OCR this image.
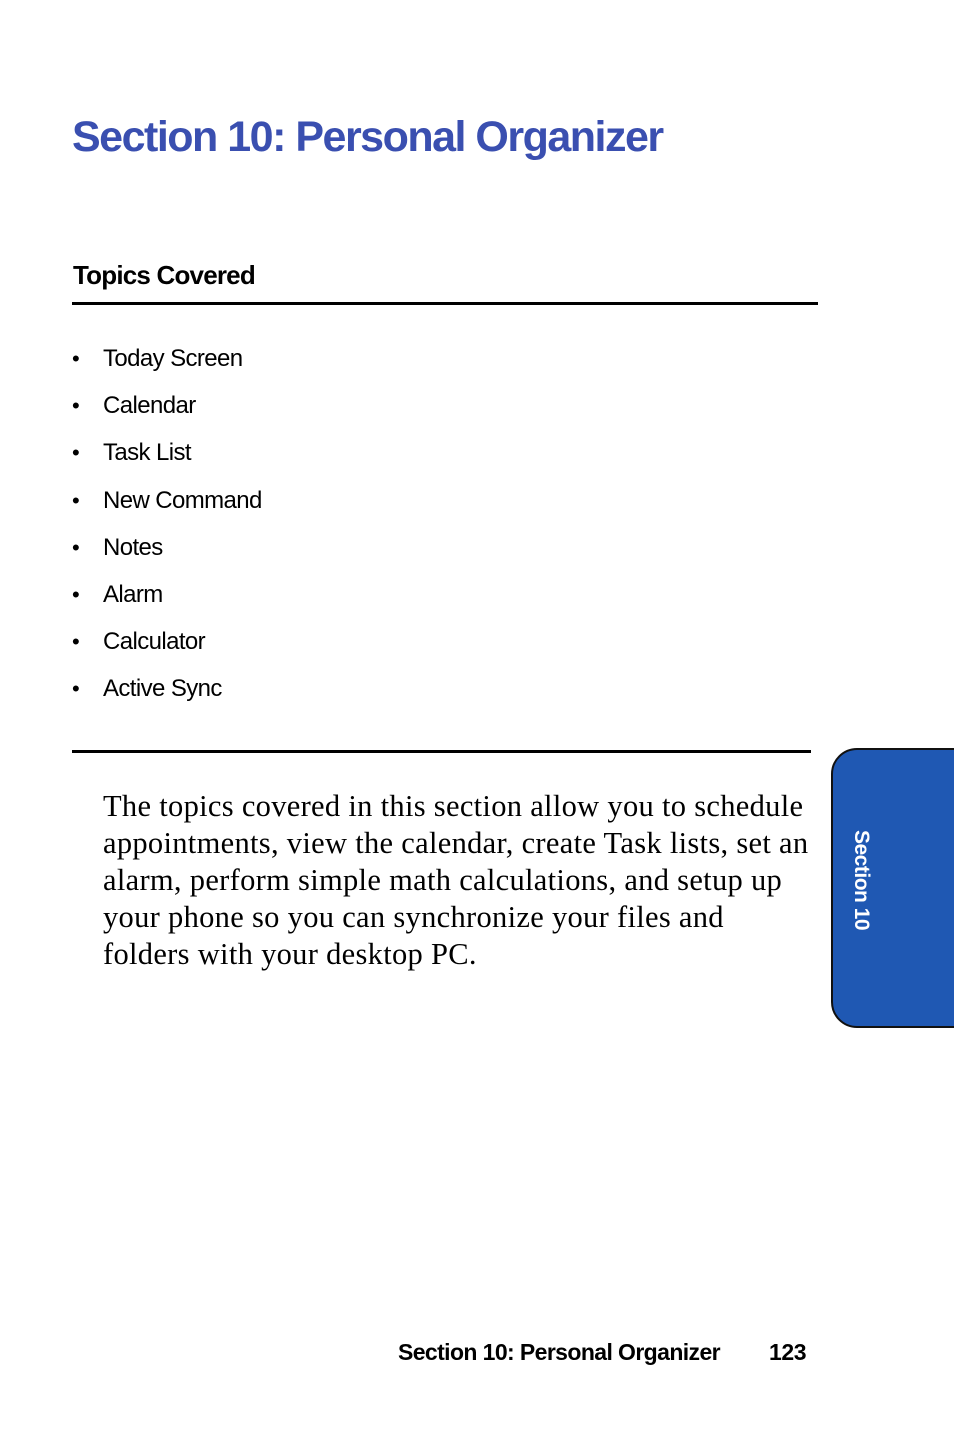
Section 10: Personal Organizer
Topics Covered
• Today Screen
• Calendar
• Task List
• New Command
• Notes
• Alarm
• Calculator
• Active Sync

The topics covered in this section allow you to schedule appointments, view the calendar, create Task lists, set an alarm, perform simple math calculations, and setup up your phone so you can synchronize your files and folders with your desktop PC.

Section 10
Section 10: Personal Organizer 123
